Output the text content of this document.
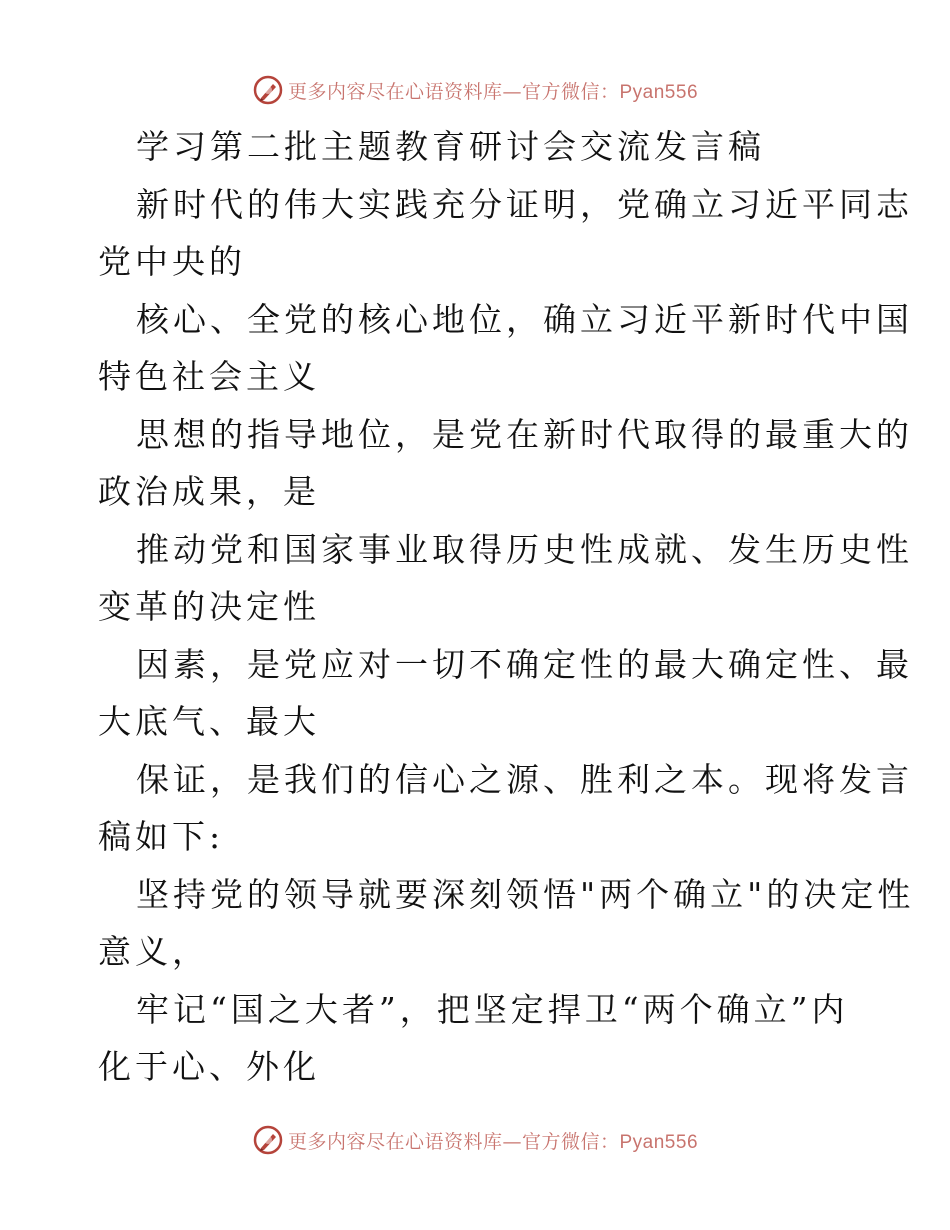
更多内容尽在心语资料库—官方微信：Pyan556
学习第二批主题教育研讨会交流发言稿
新时代的伟大实践充分证明，党确立习近平同志
党中央的
核心、全党的核心地位，确立习近平新时代中国
特色社会主义
思想的指导地位，是党在新时代取得的最重大的
政治成果，是
推动党和国家事业取得历史性成就、发生历史性
变革的决定性
因素，是党应对一切不确定性的最大确定性、最
大底气、最大
保证，是我们的信心之源、胜利之本。现将发言
稿如下:
坚持党的领导就要深刻领悟"两个确立"的决定性
意义，
牢记“国之大者”，把坚定捍卫“两个确立”内
化于心、外化
更多内容尽在心语资料库—官方微信：Pyan556
